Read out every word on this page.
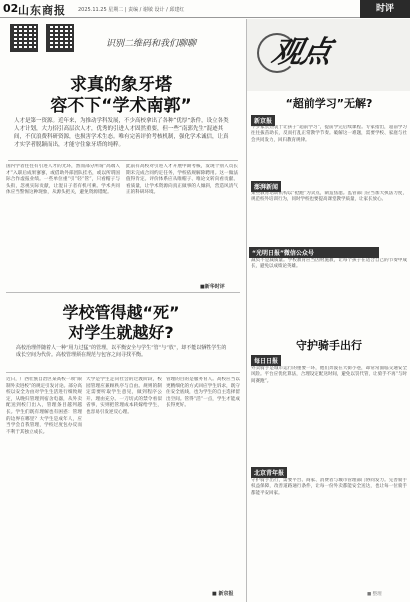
02 山东商报 2025.11.25 星期二 | 责编 / 谢敏 设计 / 邱建红	时评
识别二维码和我们聊聊
求真的象牙塔
容不下“学术南郭”
人才是第一资源。近年来，为推动学科发展，不少高校拿出了各种“优厚”条件，设立各类人才计划，大力招引高层次人才，优秀的引进人才固然重要，但一些“南郭先生”混迹其间，不仅浪费科研资源，也损害学术生态。唯有完善评价考核机制，强化学术诚信，让真才实学者脱颖而出，才能守住象牙塔的纯粹。
国内学者往往有引进人才的光环，然而部分所谓“高端人才”入职后成果寥寥，或借助外部团队挂名，或以所谓国际合作虚报业绩。一些单位重“引”轻“管”，只看帽子与头衔，忽视实际贡献，让混日子者有机可乘。学术共同体应当警惕这种现象，从源头把关，避免资源错配。
此前有高校对引进人才开展中期考核，发现个别人员长期未完成合同约定任务，学校依规解除聘用。这一做法值得肯定。评价体系应从唯帽子、唯论文转向看贡献、看质量，让学术资源向真正做事的人倾斜，营造风清气正的科研环境。
■新华时评
学校管得越“死”
对学生就越好?
高校治理伴随着人一种“用力过猛”的管理，以平衡安全与学生“管”与“放”，却不能以牺牲学生的成长空间为代价。高校管理须在规范与包容之间寻找平衡。
近日，广西壮族自治区某高校一项“限制外卖进校”的规定引发讨论。部分高校以安全为由对学生生活进行细致规定，从晚归管理到宿舍电器，从外卖配送到校门出入，管理条目越列越长。学生们既有理解也有困惑：管理的边界在哪里？大学生是成年人，应当学会自我管理，学校过度包办反而不利于其独立成长。
大学是学生走向社会的过渡阶段，校园管理应兼顾秩序与自由。规则的制定需要听取学生意见，做到程序公开、理由充分。一刀切式的禁令看似省事，实则把管理成本转嫁给学生，也容易引发逆反心理。
管理的目的是服务育人。高校应当以更精细化的方式回应学生诉求，既守住安全底线，也为学生的自主选择留出空间。管得“活”一点，学生才能成长得更好。
■ 新京报
观点
“超前学习”无解?
新京报
不少家长热衷于让孩子“超前学习”，提前学完后续课程。专家指出，超前学习往往拔苗助长，反而打乱正常教学节奏。破解这一难题，需要学校、家庭与社会共同发力，回归教育规律。
澎湃新闻
某些教育培训机构以“抢跑”为卖点，制造焦虑。监管部门应当加大执法力度，规范校外培训行为，同时学校也要提高课堂教学质量，让家长放心。
“光明日报”微信公众号
减负不是减质量。学校教育应当因材施教，让每个孩子在适合自己的节奏中成长，避免以成绩论英雄。
守护骑手出行
每日日报
外卖骑手是城市运行的重要一环，他们奔波在大街小巷，却常常面临交通安全风险。平台应优化算法，合理设定配送时间，避免以罚代管，让骑手不再“与时间赛跑”。
北京青年报
守护骑手出行，需要平台、商家、消费者与城市管理部门协同发力。完善骑手权益保障，改善道路通行条件，让每一份外卖都能安全送达，也让每一位骑手都能平安回家。
■ 整理
